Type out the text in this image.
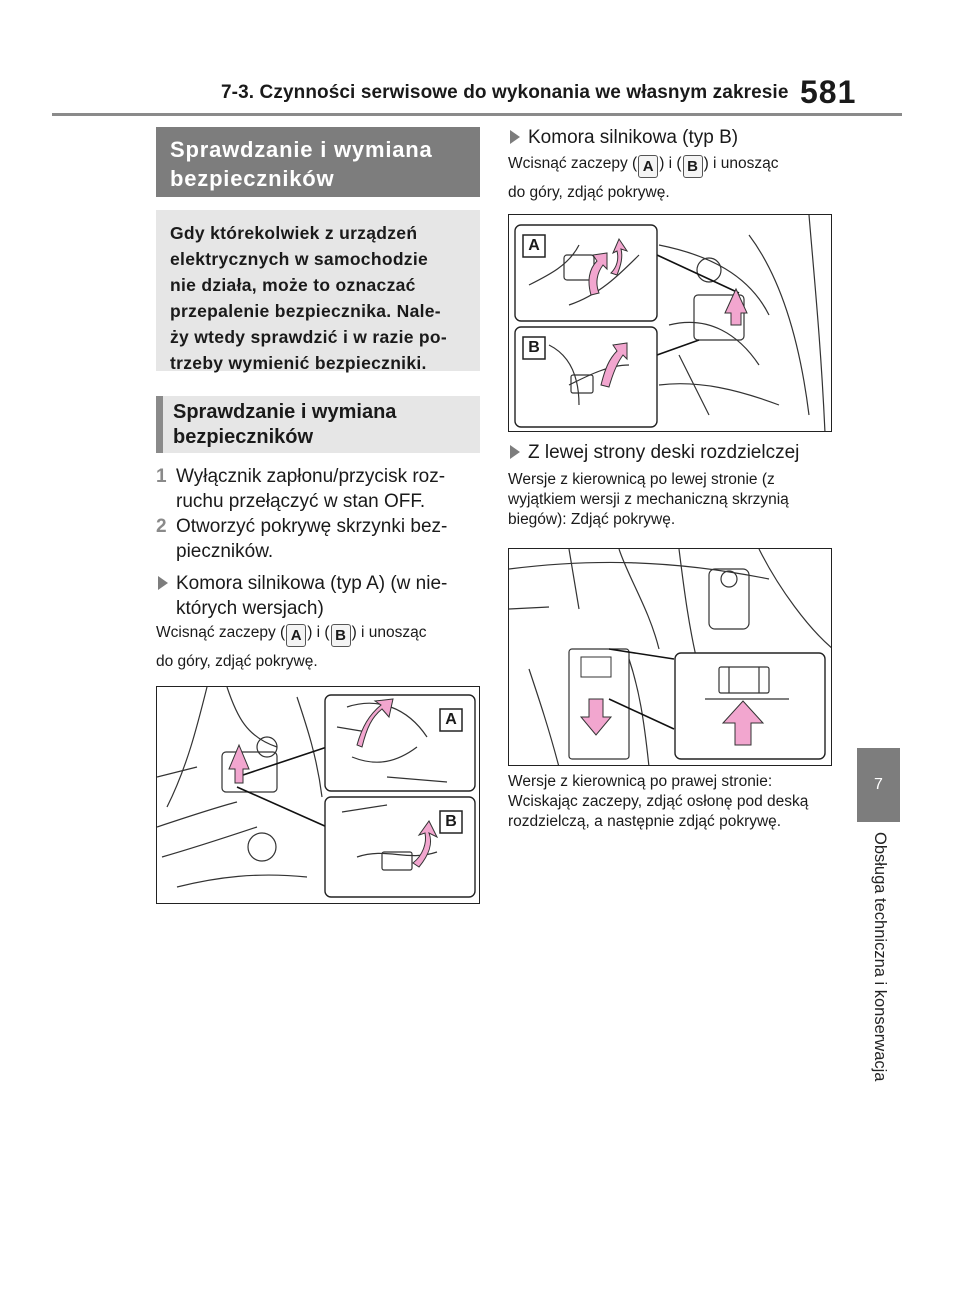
7-3. Czynności serwisowe do wykonania we własnym zakresie 581
Sprawdzanie i wymiana bezpieczników
Gdy którekolwiek z urządzeń
elektrycznych w samochodzie
nie działa, może to oznaczać
przepalenie bezpiecznika. Nale-
ży wtedy sprawdzić i w razie po-
trzeby wymienić bezpieczniki.
Sprawdzanie i wymiana bezpieczników
1 Wyłącznik zapłonu/przycisk roz-ruchu przełączyć w stan OFF.
2 Otworzyć pokrywę skrzynki bez-pieczników.
Komora silnikowa (typ A) (w nie-których wersjach)
Wcisnąć zaczepy ( A ) i ( B ) i unosząc
do góry, zdjąć pokrywę.
A
B
Komora silnikowa (typ B)
Wcisnąć zaczepy ( A ) i ( B ) i unosząc
do góry, zdjąć pokrywę.
A
B
Z lewej strony deski rozdzielczej
Wersje z kierownicą po lewej stronie (z wyjątkiem wersji z mechaniczną skrzynią biegów): Zdjąć pokrywę.
Wersje z kierownicą po prawej stronie: Wciskając zaczepy, zdjąć osłonę pod deską rozdzielczą, a następnie zdjąć pokrywę.
7
Obsługa techniczna i konserwacja
